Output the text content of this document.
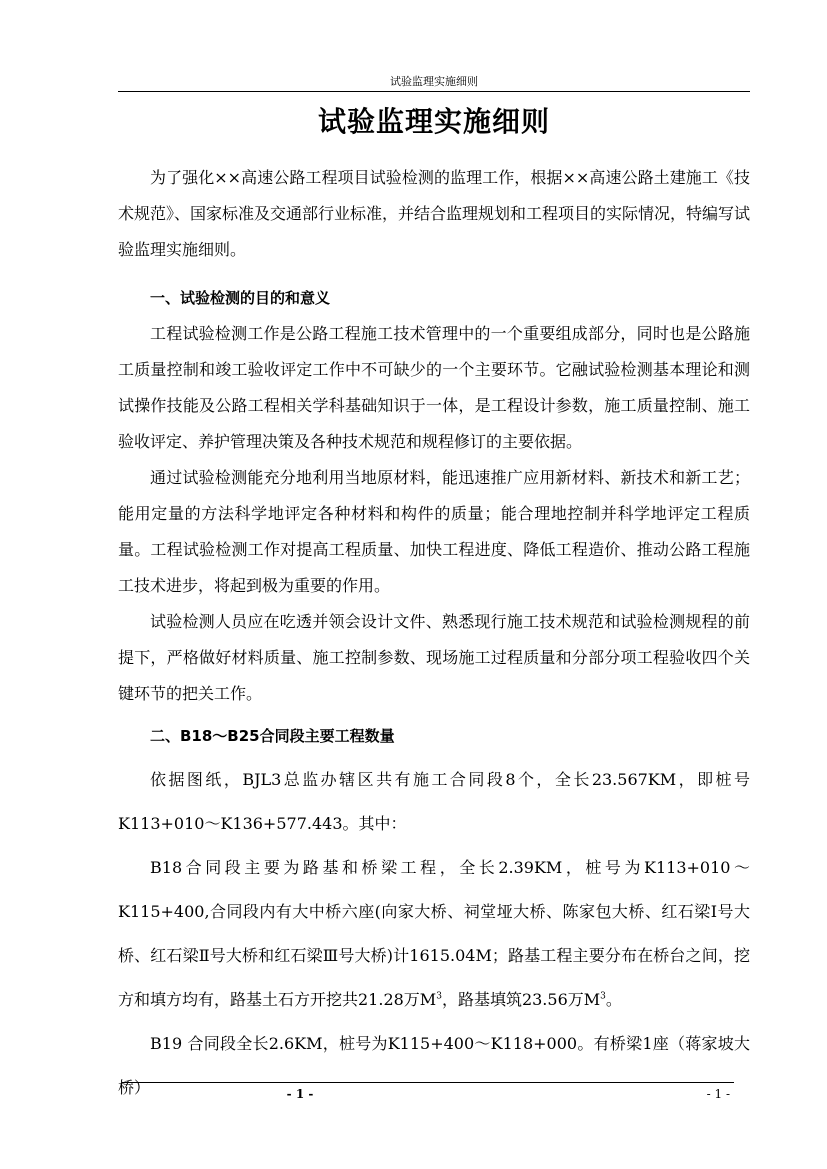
试验监理实施细则
试验监理实施细则

为了强化××高速公路工程项目试验检测的监理工作，根据××高速公路土建施工《技术规范》、国家标准及交通部行业标准，并结合监理规划和工程项目的实际情况，特编写试验监理实施细则。

一、试验检测的目的和意义

工程试验检测工作是公路工程施工技术管理中的一个重要组成部分，同时也是公路施工质量控制和竣工验收评定工作中不可缺少的一个主要环节。它融试验检测基本理论和测试操作技能及公路工程相关学科基础知识于一体，是工程设计参数，施工质量控制、施工验收评定、养护管理决策及各种技术规范和规程修订的主要依据。

通过试验检测能充分地利用当地原材料，能迅速推广应用新材料、新技术和新工艺；能用定量的方法科学地评定各种材料和构件的质量；能合理地控制并科学地评定工程质量。工程试验检测工作对提高工程质量、加快工程进度、降低工程造价、推动公路工程施工技术进步，将起到极为重要的作用。

试验检测人员应在吃透并领会设计文件、熟悉现行施工技术规范和试验检测规程的前提下，严格做好材料质量、施工控制参数、现场施工过程质量和分部分项工程验收四个关键环节的把关工作。

二、B18～B25合同段主要工程数量

依据图纸，BJL3总监办辖区共有施工合同段8个，全长23.567KM，即桩号K113+010～K136+577.443。其中：

B18合同段主要为路基和桥梁工程，全长2.39KM，桩号为K113+010～K115+400,合同段内有大中桥六座(向家大桥、祠堂垭大桥、陈家包大桥、红石梁Ⅰ号大桥、红石梁Ⅱ号大桥和红石梁Ⅲ号大桥)计1615.04M；路基工程主要分布在桥台之间，挖方和填方均有，路基土石方开挖共21.28万$M^3$，路基填筑23.56万$M^3$。

B19 合同段全长2.6KM，桩号为K115+400～K118+000。有桥梁1座（蒋家坡大桥）	- 1 -	- 1 -
